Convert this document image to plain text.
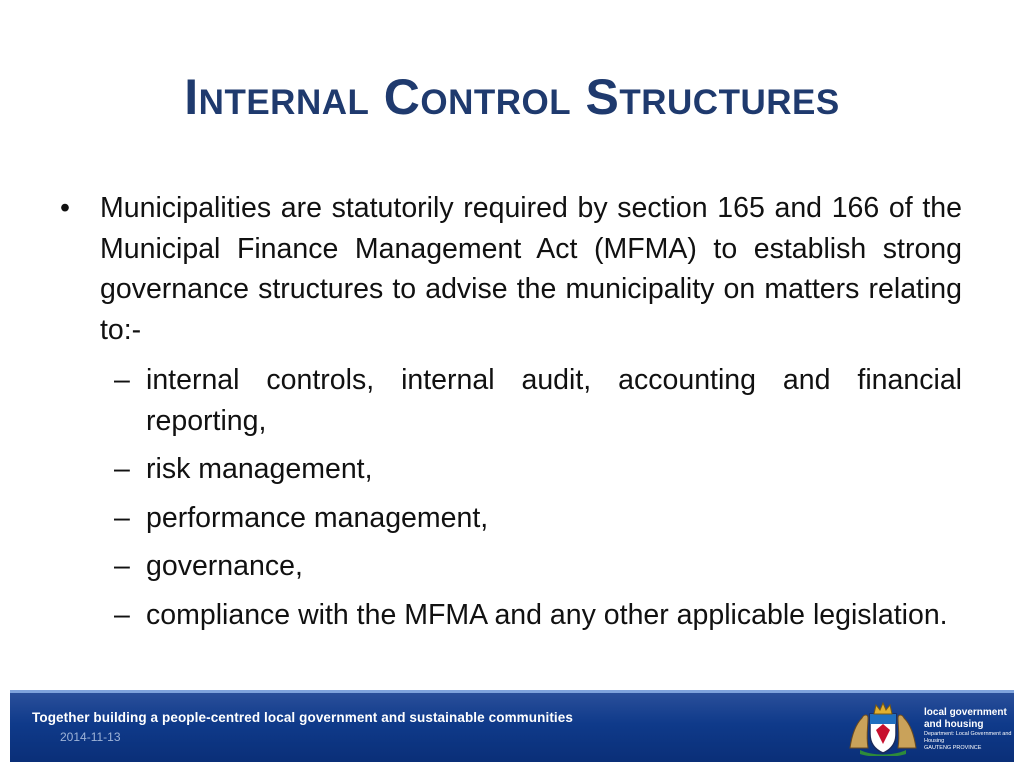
Internal Control Structures
• Municipalities are statutorily required by section 165 and 166 of the Municipal Finance Management Act (MFMA) to establish strong governance structures to advise the municipality on matters relating to:-
– internal controls, internal audit, accounting and financial reporting,
– risk management,
– performance management,
– governance,
– compliance with the MFMA and any other applicable legislation.
Together building a people-centred local government and sustainable communities
2014-11-13
local government
and housing
Department: Local Government and Housing
GAUTENG PROVINCE
